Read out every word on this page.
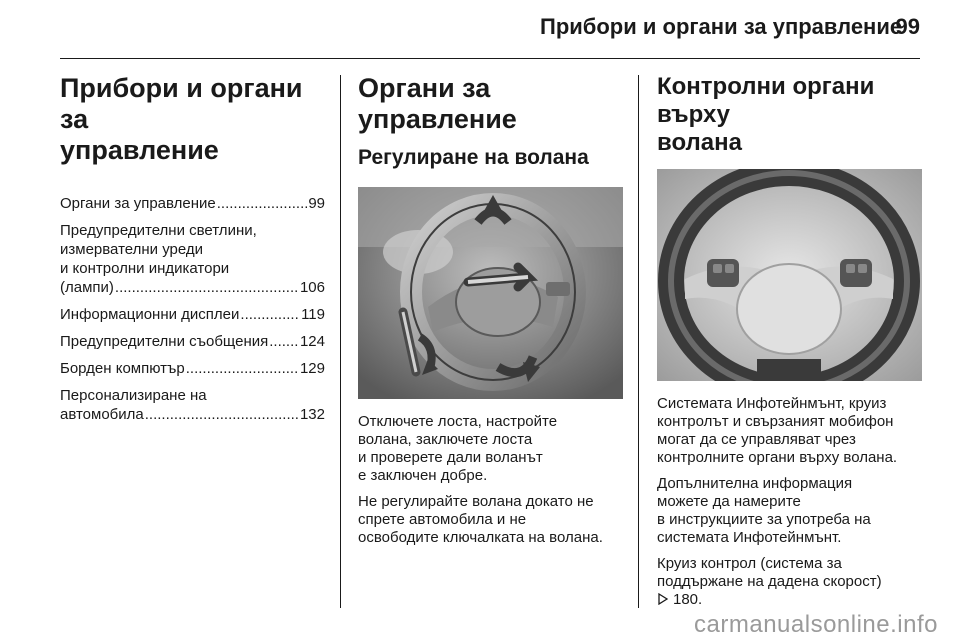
Прибори и органи за управление
99
Прибори и органи за
управление
Органи за управление .....	99
Предупредителни светлини,
измервателни уреди
и контролни индикатори
(лампи) .....	106
Информационни дисплеи .....	119
Предупредителни съобщения ..... 124
Борден компютър .....	129
Персонализиране на
автомобила .....	132
Органи за управление
Регулиране на волана

Отключете лоста, настройте
волана, заключете лоста
и проверете дали воланът
е заключен добре.

Не регулирайте волана докато не
спрете автомобила и не
освободите ключалката на волана.

Контролни органи върху
волана

Системата Инфотейнмънт, круиз
контролът и свързаният мобифон
могат да се управляват чрез
контролните органи върху волана.

Допълнителна информация
можете да намерите
в инструкциите за употреба на
системата Инфотейнмънт.

Круиз контрол (система за
поддържане на дадена скорост)
180.

carmanualsonline.info
